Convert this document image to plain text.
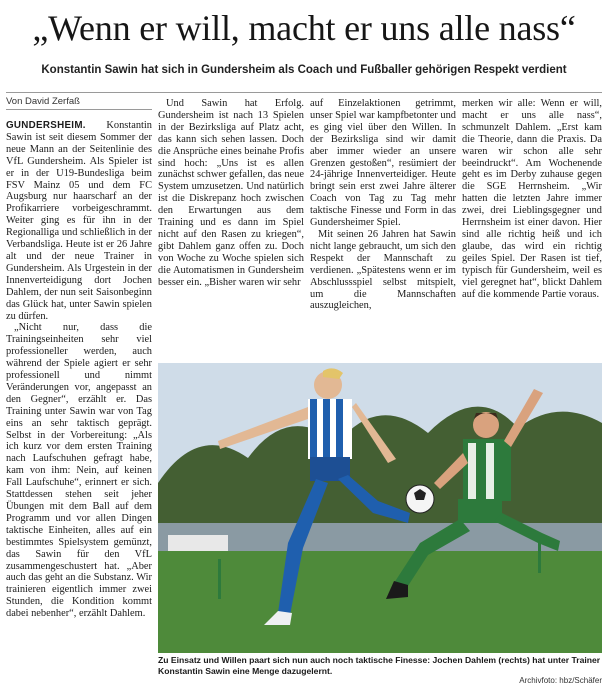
„Wenn er will, macht er uns alle nass“
Konstantin Sawin hat sich in Gundersheim als Coach und Fußballer gehörigen Respekt verdient
Von David Zerfaß

GUNDERSHEIM. Konstantin Sawin ist seit diesem Sommer der neue Mann an der Seitenlinie des VfL Gundersheim. Als Spieler ist er in der U19-Bundesliga beim FSV Mainz 05 und dem FC Augsburg nur haarscharf an der Profikarriere vorbeigeschrammt. Weiter ging es für ihn in der Regionalliga und schließlich in der Verbandsliga. Heute ist er 26 Jahre alt und der neue Trainer in Gundersheim. Als Urgestein in der Innenverteidigung dort Jochen Dahlem, der nun seit Saisonbeginn das Glück hat, unter Sawin spielen zu dürfen.

„Nicht nur, dass die Trainingseinheiten sehr viel professioneller werden, auch während der Spiele agiert er sehr professionell und nimmt Veränderungen vor, angepasst an den Gegner“, erzählt er. Das Training unter Sawin war von Tag eins an sehr taktisch geprägt. Selbst in der Vorbereitung: „Als ich kurz vor dem ersten Training nach Laufschuhen gefragt habe, kam von ihm: Nein, auf keinen Fall Laufschuhe“, erinnert er sich. Stattdessen stehen seit jeher Übungen mit dem Ball auf dem Programm und vor allen Dingen taktische Einheiten, alles auf ein bestimmtes Spielsystem gemünzt, das Sawin für den VfL zusammengeschustert hat. „Aber auch das geht an die Substanz. Wir trainieren eigentlich immer zwei Stunden, die Kondition kommt dabei nebenher“, erzählt Dahlem.

Und Sawin hat Erfolg. Gundersheim ist nach 13 Spielen in der Bezirksliga auf Platz acht, das kann sich sehen lassen. Doch die Ansprüche eines beinahe Profis sind hoch: „Uns ist es allen zunächst schwer gefallen, das neue System umzusetzen. Und natürlich ist die Diskrepanz hoch zwischen den Erwartungen aus dem Training und es dann im Spiel nicht auf den Rasen zu kriegen“, gibt Dahlem ganz offen zu. Doch von Woche zu Woche spielen sich die Automatismen in Gundersheim besser ein. „Bisher waren wir sehr

auf Einzelaktionen getrimmt, unser Spiel war kampfbetonter und es ging viel über den Willen. In der Bezirksliga sind wir damit aber immer wieder an unsere Grenzen gestoßen“, resümiert der 24-jährige Innenverteidiger. Heute bringt sein erst zwei Jahre älterer Coach von Tag zu Tag mehr taktische Finesse und Form in das Gundersheimer Spiel.

Mit seinen 26 Jahren hat Sawin nicht lange gebraucht, um sich den Respekt der Mannschaft zu verdienen. „Spätestens wenn er im Abschlussspiel selbst mitspielt, um die Mannschaften auszugleichen,

merken wir alle: Wenn er will, macht er uns alle nass“, schmunzelt Dahlem. „Erst kam die Theorie, dann die Praxis. Da waren wir schon alle sehr beeindruckt“. Am Wochenende geht es im Derby zuhause gegen die SGE Herrnsheim. „Wir hatten die letzten Jahre immer zwei, drei Lieblingsgegner und Herrnsheim ist einer davon. Hier sind alle richtig heiß und ich glaube, das wird ein richtig geiles Spiel. Der Rasen ist tief, typisch für Gundersheim, weil es viel geregnet hat“, blickt Dahlem auf die kommende Partie voraus.

Zu Einsatz und Willen paart sich nun auch noch taktische Finesse: Jochen Dahlem (rechts) hat unter Trainer Konstantin Sawin eine Menge dazugelernt.
Archivfoto: hbz/Schäfer
